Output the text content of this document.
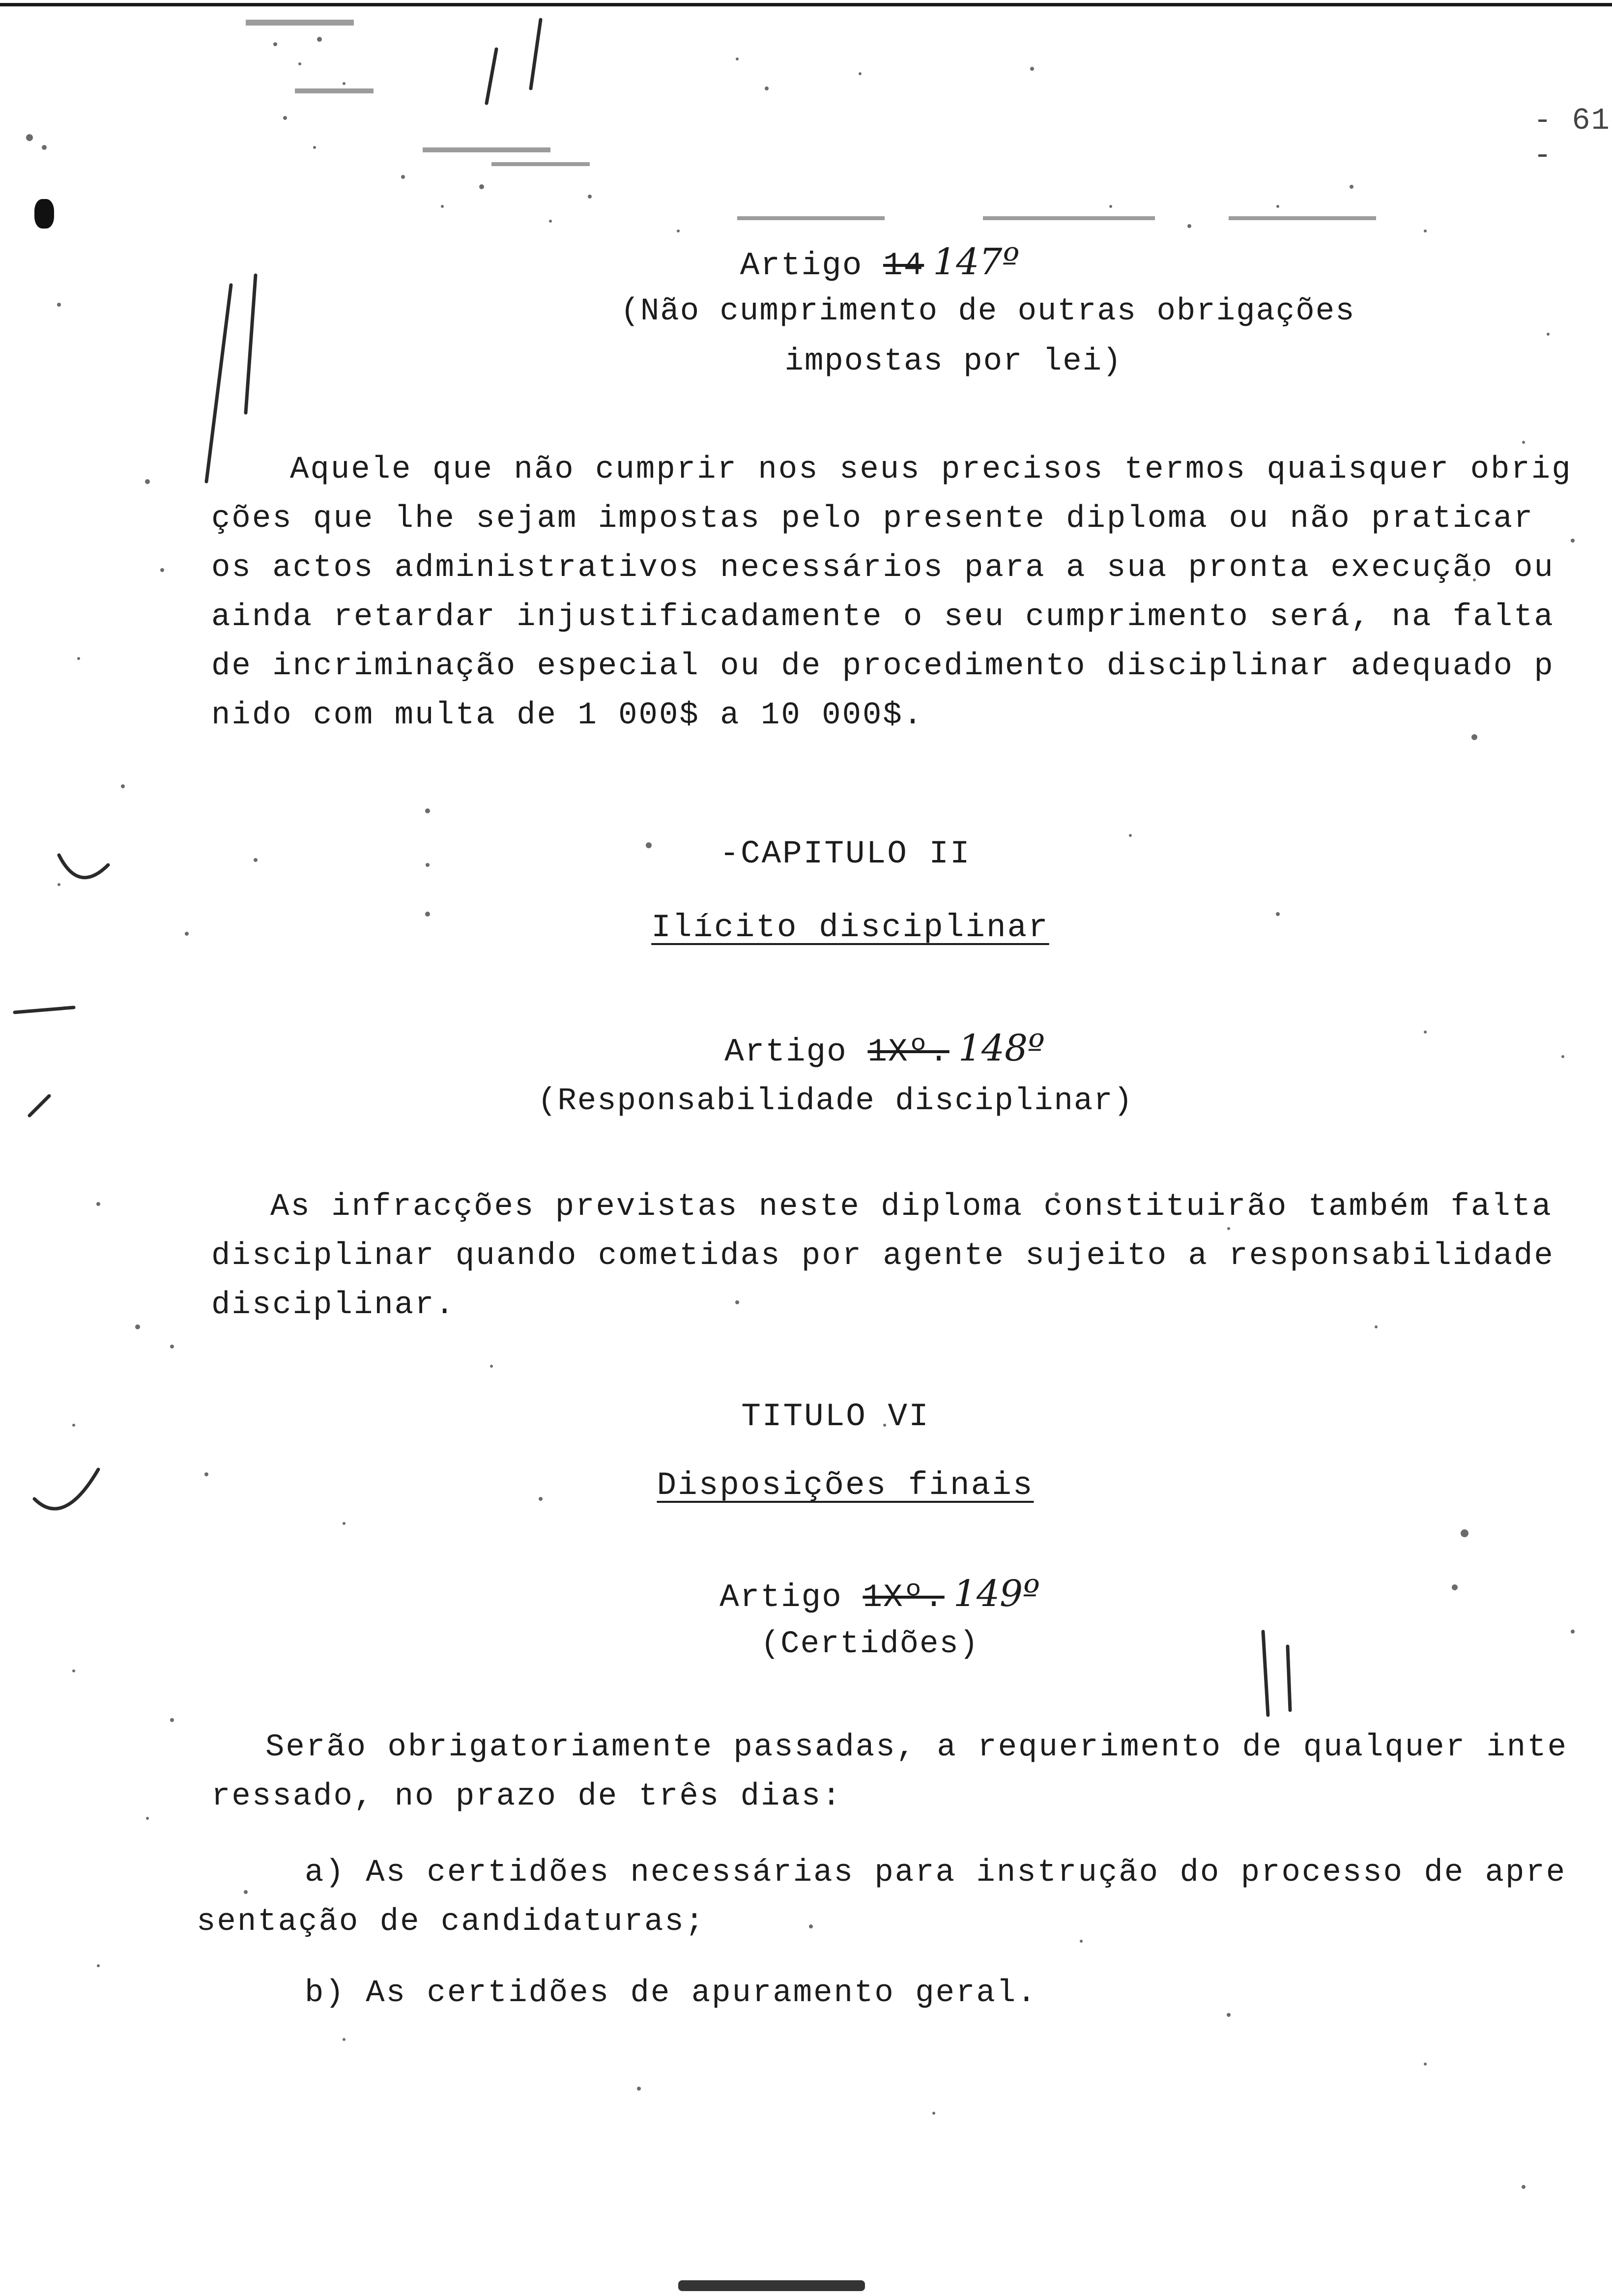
- 61 -
Artigo 14 147º
(Não cumprimento de outras obrigações
impostas por lei)
Aquele que não cumprir nos seus precisos termos quaisquer obrig
ções que lhe sejam impostas pelo presente diploma ou não praticar
os actos administrativos necessários para a sua pronta execução ou
ainda retardar injustificadamente o seu cumprimento será, na falta
de incriminação especial ou de procedimento disciplinar adequado p
nido com multa de 1 000$ a 10 000$.
-CAPITULO II
Ilícito disciplinar
Artigo 1Xº. 148º
(Responsabilidade disciplinar)
As infracções previstas neste diploma constituirão também falta
disciplinar quando cometidas por agente sujeito a responsabilidade
disciplinar.
TITULO VI
Disposições finais
Artigo 1Xº. 149º
(Certidões)
Serão obrigatoriamente passadas, a requerimento de qualquer inte
ressado, no prazo de três dias:
a) As certidões necessárias para instrução do processo de apre
sentação de candidaturas;
b) As certidões de apuramento geral.
